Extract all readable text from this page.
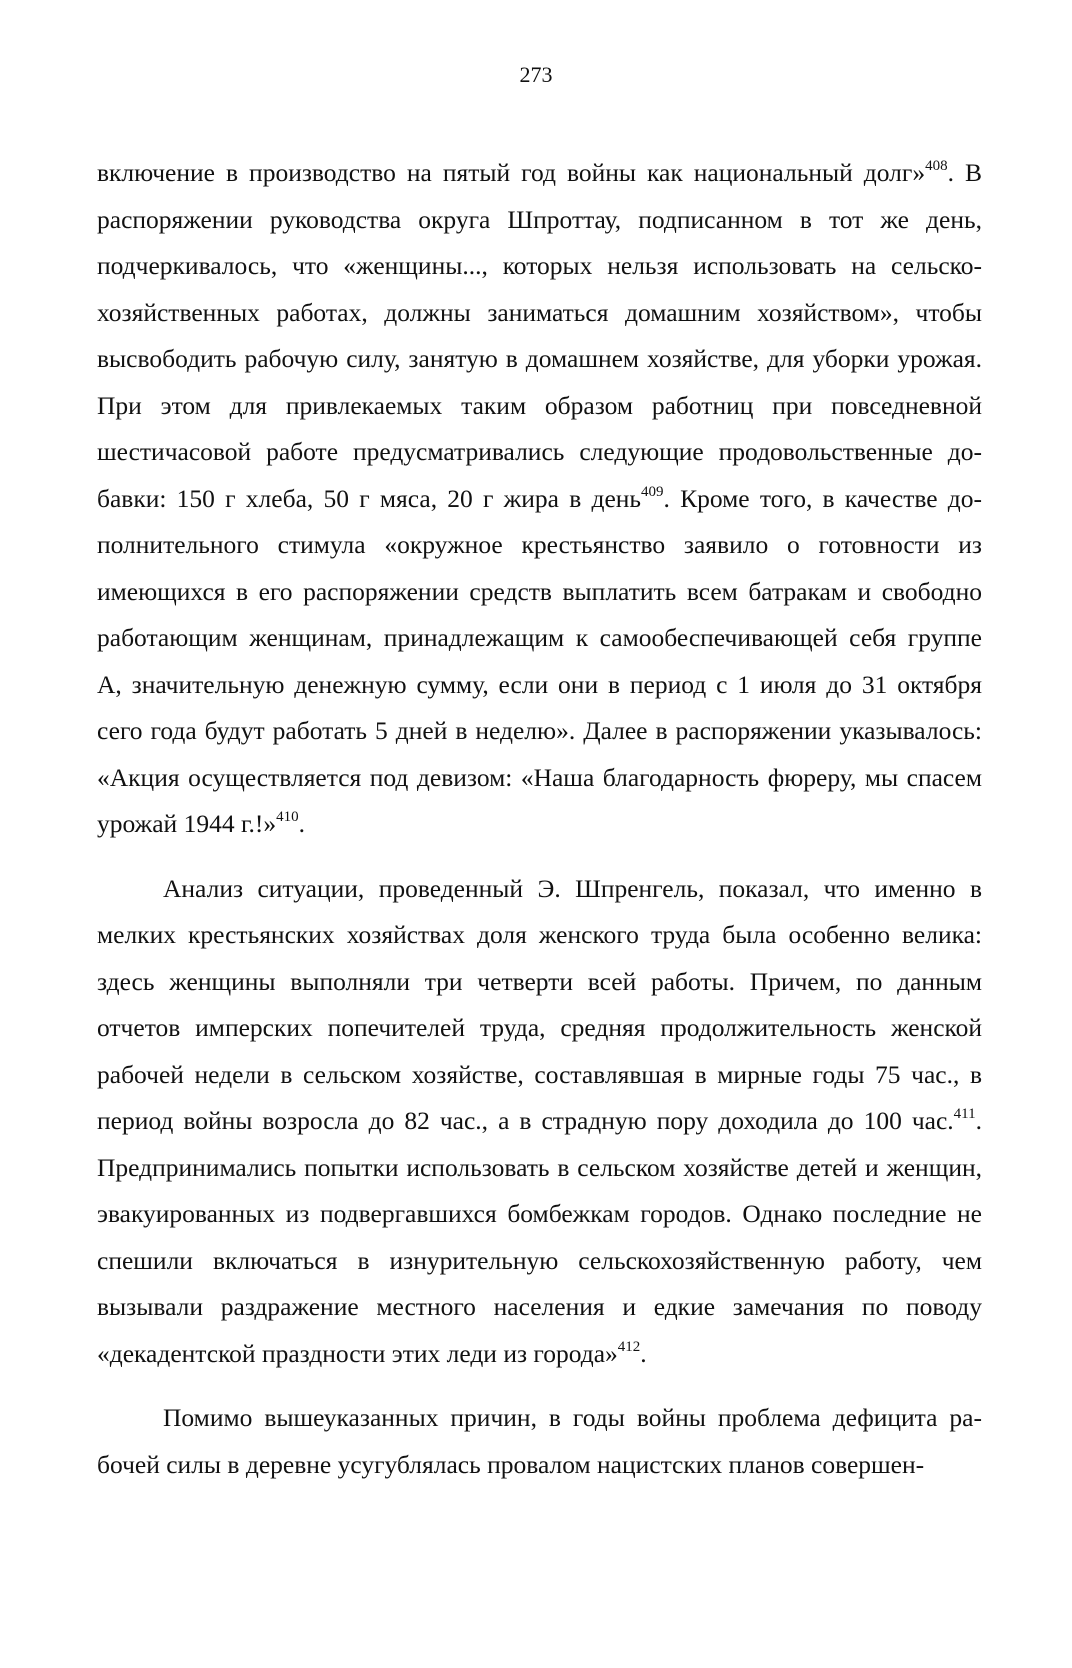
273

включение в производство на пятый год войны как национальный долг»$^{408}$. В распоряжении руководства округа Шпроттау, подписанном в тот же день, подчеркивалось, что «женщины..., которых нельзя использовать на сельскохозяйственных работах, должны заниматься домашним хозяйством», чтобы высвободить рабочую силу, занятую в домашнем хозяйстве, для уборки урожая. При этом для привлекаемых таким образом работниц при повседневной шестичасовой работе предусматривались следующие продовольственные добавки: 150 г хлеба, 50 г мяса, 20 г жира в день$^{409}$. Кроме того, в качестве дополнительного стимула «окружное крестьянство заявило о готовности из имеющихся в его распоряжении средств выплатить всем батракам и свободно работающим женщинам, принадлежащим к самообеспечивающей себя группе А, значительную денежную сумму, если они в период с 1 июля до 31 октября сего года будут работать 5 дней в неделю». Далее в распоряжении указывалось: «Акция осуществляется под девизом: «Наша благодарность фюреру, мы спасем урожай 1944 г.!»$^{410}$.

Анализ ситуации, проведенный Э. Шпренгель, показал, что именно в мелких крестьянских хозяйствах доля женского труда была особенно велика: здесь женщины выполняли три четверти всей работы. Причем, по данным отчетов имперских попечителей труда, средняя продолжительность женской рабочей недели в сельском хозяйстве, составлявшая в мирные годы 75 час., в период войны возросла до 82 час., а в страдную пору доходила до 100 час.$^{411}$. Предпринимались попытки использовать в сельском хозяйстве детей и женщин, эвакуированных из подвергавшихся бомбежкам городов. Однако последние не спешили включаться в изнурительную сельскохозяйственную работу, чем вызывали раздражение местного населения и едкие замечания по поводу «декадентской праздности этих леди из города»$^{412}$.

Помимо вышеуказанных причин, в годы войны проблема дефицита рабочей силы в деревне усугублялась провалом нацистских планов совершен-
